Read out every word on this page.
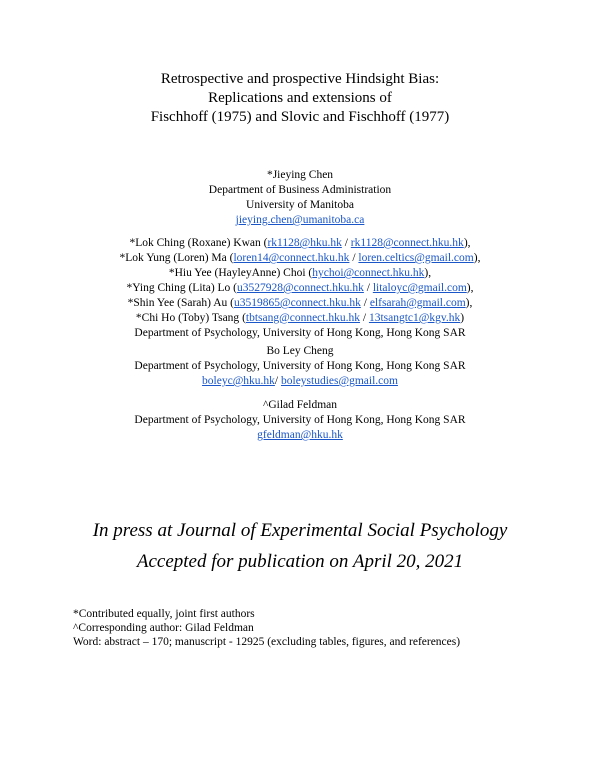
Retrospective and prospective Hindsight Bias:
Replications and extensions of
Fischhoff (1975) and Slovic and Fischhoff (1977)
*Jieying Chen
Department of Business Administration
University of Manitoba
jieying.chen@umanitoba.ca
*Lok Ching (Roxane) Kwan (rk1128@hku.hk / rk1128@connect.hku.hk),
*Lok Yung (Loren) Ma (loren14@connect.hku.hk / loren.celtics@gmail.com),
*Hiu Yee (HayleyAnne) Choi (hychoi@connect.hku.hk),
*Ying Ching (Lita) Lo (u3527928@connect.hku.hk / litaloyc@gmail.com),
*Shin Yee (Sarah) Au (u3519865@connect.hku.hk / elfsarah@gmail.com),
*Chi Ho (Toby) Tsang (tbtsang@connect.hku.hk / 13tsangtc1@kgv.hk)
Department of Psychology, University of Hong Kong, Hong Kong SAR
Bo Ley Cheng
Department of Psychology, University of Hong Kong, Hong Kong SAR
boleyc@hku.hk/ boleystudies@gmail.com
^Gilad Feldman
Department of Psychology, University of Hong Kong, Hong Kong SAR
gfeldman@hku.hk
In press at Journal of Experimental Social Psychology
Accepted for publication on April 20, 2021
*Contributed equally, joint first authors
^Corresponding author: Gilad Feldman
Word: abstract – 170; manuscript - 12925 (excluding tables, figures, and references)
